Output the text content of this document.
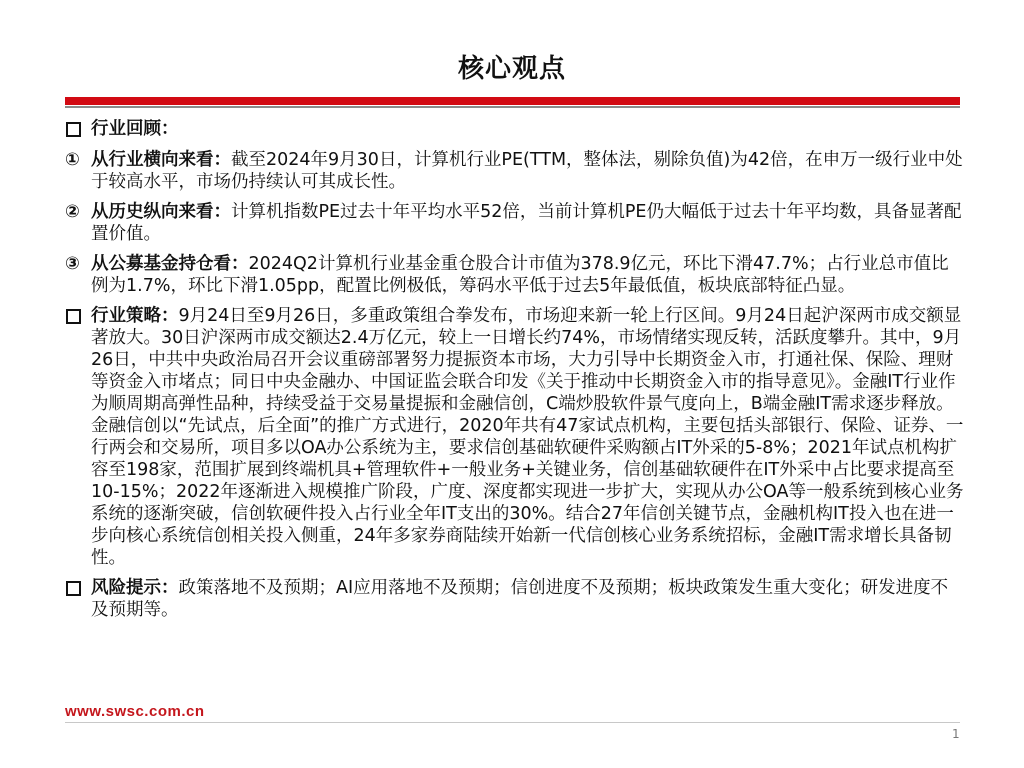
核心观点
行业回顾：
① 从行业横向来看：截至2024年9月30日，计算机行业PE(TTM，整体法，剔除负值)为42倍，在申万一级行业中处于较高水平，市场仍持续认可其成长性。
② 从历史纵向来看：计算机指数PE过去十年平均水平52倍，当前计算机PE仍大幅低于过去十年平均数，具备显著配置价值。
③ 从公募基金持仓看：2024Q2计算机行业基金重仓股合计市值为378.9亿元，环比下滑47.7%；占行业总市值比例为1.7%，环比下滑1.05pp，配置比例极低，筹码水平低于过去5年最低值，板块底部特征凸显。
行业策略：9月24日至9月26日，多重政策组合拳发布，市场迎来新一轮上行区间。9月24日起沪深两市成交额显著放大。30日沪深两市成交额达2.4万亿元，较上一日增长约74%，市场情绪实现反转，活跃度攀升。其中，9月26日，中共中央政治局召开会议重磅部署努力提振资本市场，大力引导中长期资金入市，打通社保、保险、理财等资金入市堵点；同日中央金融办、中国证监会联合印发《关于推动中长期资金入市的指导意见》。金融IT行业作为顺周期高弹性品种，持续受益于交易量提振和金融信创，C端炒股软件景气度向上，B端金融IT需求逐步释放。金融信创以“先试点，后全面”的推广方式进行，2020年共有47家试点机构，主要包括头部银行、保险、证券、一行两会和交易所，项目多以OA办公系统为主，要求信创基础软硬件采购额占IT外采的5-8%；2021年试点机构扩容至198家，范围扩展到终端机具+管理软件+一般业务+关键业务，信创基础软硬件在IT外采中占比要求提高至10-15%；2022年逐渐进入规模推广阶段，广度、深度都实现进一步扩大，实现从办公OA等一般系统到核心业务系统的逐渐突破，信创软硬件投入占行业全年IT支出的30%。结合27年信创关键节点，金融机构IT投入也在进一步向核心系统信创相关投入侧重，24年多家券商陆续开始新一代信创核心业务系统招标，金融IT需求增长具备韧性。
风险提示：政策落地不及预期；AI应用落地不及预期；信创进度不及预期；板块政策发生重大变化；研发进度不及预期等。
www.swsc.com.cn
1
